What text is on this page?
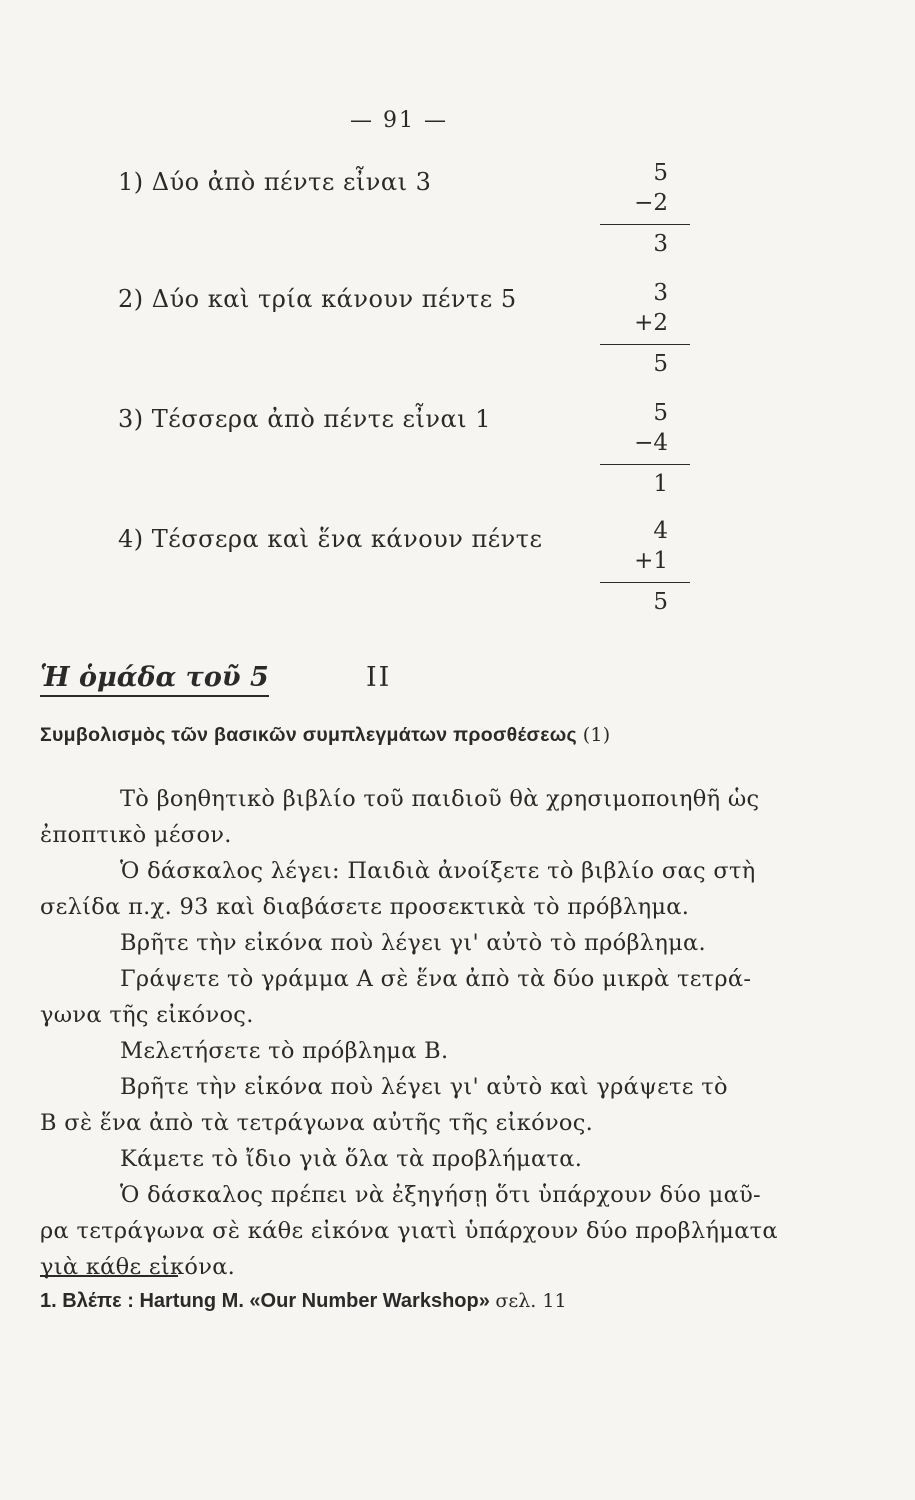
— 91 —
1) Δύο ἀπὸ πέντε εἶναι 3	5
−2
3
2) Δύο καὶ τρία κάνουν πέντε 5	3
+2
5
3) Τέσσερα ἀπὸ πέντε εἶναι 1	5
−4
1
4) Τέσσερα καὶ ἕνα κάνουν πέντε	4
+1
5
Ἡ ὁμάδα τοῦ 5	II
Συμβολισμὸς τῶν βασικῶν συμπλεγμάτων προσθέσεως (1)
Τὸ βοηθητικὸ βιβλίο τοῦ παιδιοῦ θὰ χρησιμοποιηθῆ ὡς
ἐποπτικὸ μέσον.
Ὁ δάσκαλος λέγει: Παιδιὰ ἀνοίξετε τὸ βιβλίο σας στὴ
σελίδα π.χ. 93 καὶ διαβάσετε προσεκτικὰ τὸ πρόβλημα.
Βρῆτε τὴν εἰκόνα ποὺ λέγει γι' αὐτὸ τὸ πρόβλημα.
Γράψετε τὸ γράμμα Α σὲ ἕνα ἀπὸ τὰ δύο μικρὰ τετρά-
γωνα τῆς εἰκόνος.
Μελετήσετε τὸ πρόβλημα Β.
Βρῆτε τὴν εἰκόνα ποὺ λέγει γι' αὐτὸ καὶ γράψετε τὸ
Β σὲ ἕνα ἀπὸ τὰ τετράγωνα αὐτῆς τῆς εἰκόνος.
Κάμετε τὸ ἴδιο γιὰ ὅλα τὰ προβλήματα.
Ὁ δάσκαλος πρέπει νὰ ἐξηγήσῃ ὅτι ὑπάρχουν δύο μαῦ-
ρα τετράγωνα σὲ κάθε εἰκόνα γιατὶ ὑπάρχουν δύο προβλήματα
γιὰ κάθε εἰκόνα.
1. Βλέπε : Hartung M. «Our Number Warkshop» σελ. 11
